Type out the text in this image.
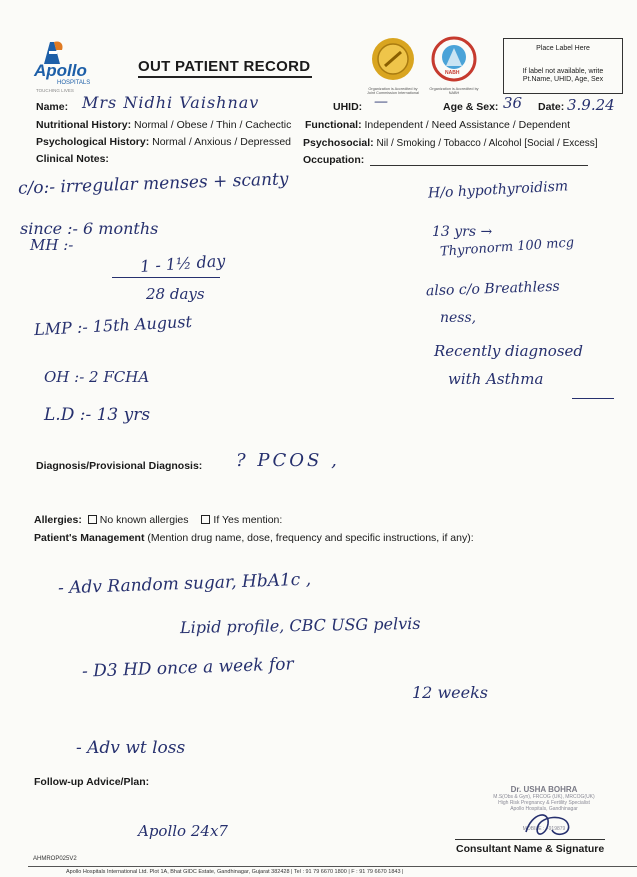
Apollo
HOSPITALS
TOUCHING LIVES
OUT PATIENT RECORD
Organization is Accredited by Joint Commission International
NABH
Organization is Accredited by NABH
Place Label Here
If label not available, write Pt.Name, UHID, Age, Sex
Name: Mrs Nidhi Vaishnav	UHID: —	Age & Sex: 36 Date: 3.9.24
Nutritional History: Normal / Obese / Thin / Cachectic Functional: Independent / Need Assistance / Dependent
Psychological History: Normal / Anxious / Depressed Psychosocial: Nil / Smoking / Tobacco / Alcohol [Social / Excess]
Clinical Notes:	Occupation:
c/o:- irregular menses + scanty
since :- 6 months
MH :-
1 - 1½ day
28 days
LMP :- 15th August
OH :- 2 FCHA
L.D :- 13 yrs
H/o hypothyroidism
13 yrs →
Thyronorm 100 mcg
also c/o Breathless
ness,
Recently diagnosed
with Asthma
Diagnosis/Provisional Diagnosis: ? PCOS ,
Allergies: No known allergies If Yes mention:
Patient's Management (Mention drug name, dose, frequency and specific instructions, if any):
- Adv Random sugar, HbA1c ,
Lipid profile, CBC USG pelvis
- D3 HD once a week for
12 weeks
- Adv wt loss
Follow-up Advice/Plan:
Apollo 24x7
Dr. USHA BOHRA
M.S(Obs & Gyn), FRCOG (UK), MRCOG(UK)
High Risk Pregnancy & Fertility Specialist
Apollo Hospitals, Gandhinagar
MOBILE : +919879
Consultant Name & Signature
AHMROP025V2
Apollo Hospitals International Ltd. Plot 1A, Bhat GIDC Estate, Gandhinagar, Gujarat 382428 | Tel : 91 79 6670 1800 | F : 91 79 6670 1843 |
